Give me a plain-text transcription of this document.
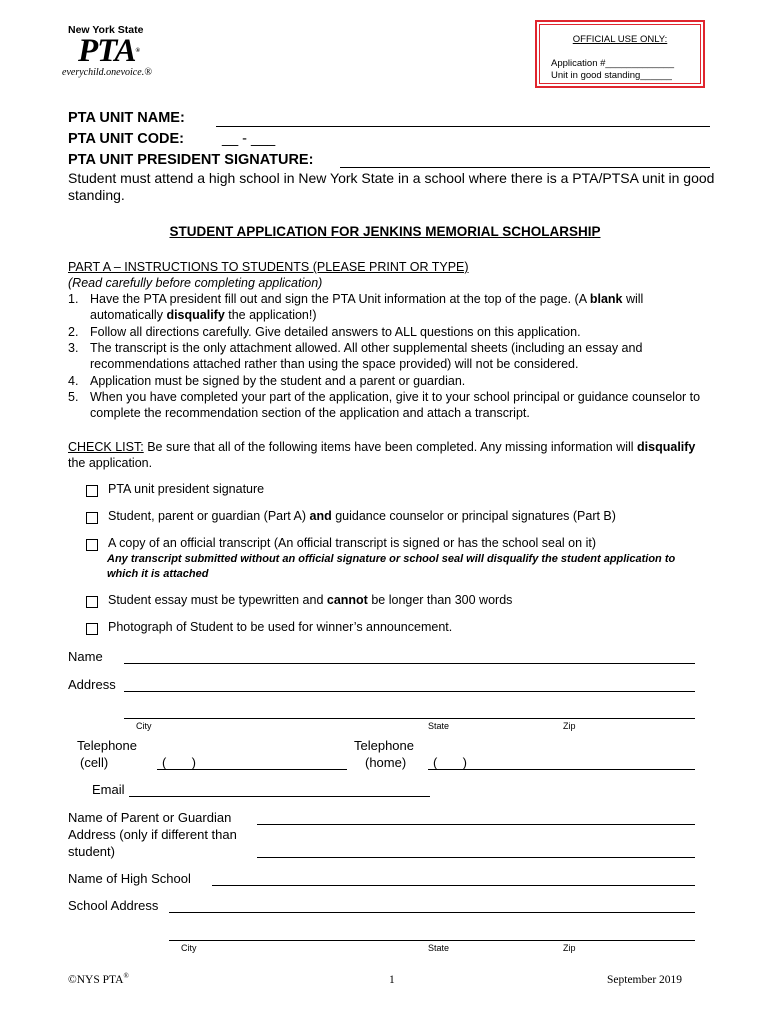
New York State
PTA®
everychild.onevoice.®
OFFICIAL USE ONLY:
Application #_____________
Unit in good standing______
PTA UNIT NAME:
PTA UNIT CODE:	__ - ___
PTA UNIT PRESIDENT SIGNATURE:
Student must attend a high school in New York State in a school where there is a PTA/PTSA unit in good standing.
STUDENT APPLICATION FOR JENKINS MEMORIAL SCHOLARSHIP
PART A – INSTRUCTIONS TO STUDENTS (PLEASE PRINT OR TYPE)
(Read carefully before completing application)
1. Have the PTA president fill out and sign the PTA Unit information at the top of the page. (A blank will automatically disqualify the application!)
2. Follow all directions carefully. Give detailed answers to ALL questions on this application.
3. The transcript is the only attachment allowed. All other supplemental sheets (including an essay and recommendations attached rather than using the space provided) will not be considered.
4. Application must be signed by the student and a parent or guardian.
5. When you have completed your part of the application, give it to your school principal or guidance counselor to complete the recommendation section of the application and attach a transcript.
CHECK LIST: Be sure that all of the following items have been completed. Any missing information will disqualify the application.
PTA unit president signature
Student, parent or guardian (Part A) and guidance counselor or principal signatures (Part B)
A copy of an official transcript (An official transcript is signed or has the school seal on it)
Any transcript submitted without an official signature or school seal will disqualify the student application to which it is attached
Student essay must be typewritten and cannot be longer than 300 words
Photograph of Student to be used for winner’s announcement.
Name
Address
City	State	Zip
Telephone
(cell)	(       )
Telephone
(home) (       )
Email
Name of Parent or Guardian
Address (only if different than
student)
Name of High School
School Address
City	State	Zip
©NYS PTA®	1	September 2019
